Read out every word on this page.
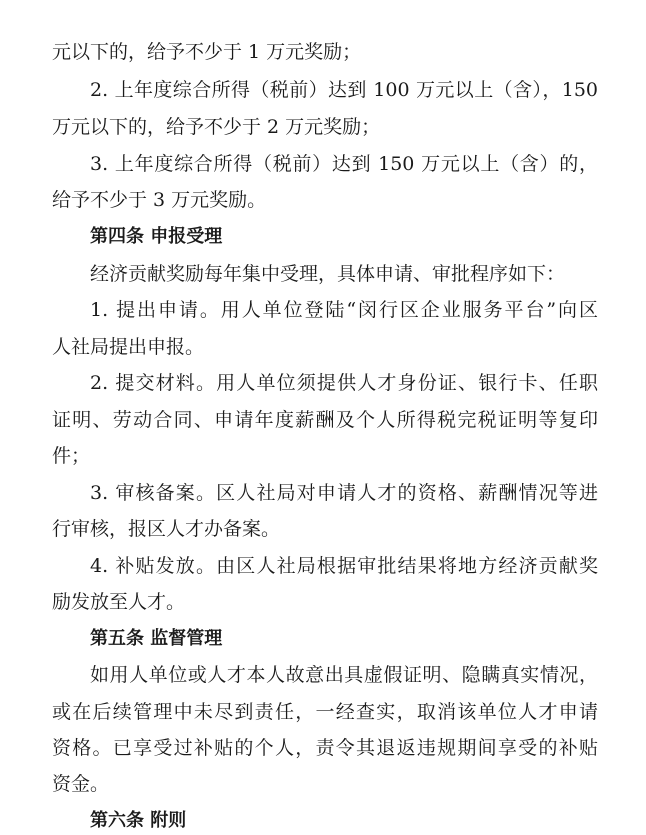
元以下的，给予不少于 1 万元奖励；
2. 上年度综合所得（税前）达到 100 万元以上（含），150
万元以下的，给予不少于 2 万元奖励；
3. 上年度综合所得（税前）达到 150 万元以上（含）的，
给予不少于 3 万元奖励。
第四条 申报受理
经济贡献奖励每年集中受理，具体申请、审批程序如下：
1. 提出申请。用人单位登陆“闵行区企业服务平台”向区
人社局提出申报。
2. 提交材料。用人单位须提供人才身份证、银行卡、任职
证明、劳动合同、申请年度薪酬及个人所得税完税证明等复印
件；
3. 审核备案。区人社局对申请人才的资格、薪酬情况等进
行审核，报区人才办备案。
4. 补贴发放。由区人社局根据审批结果将地方经济贡献奖
励发放至人才。
第五条 监督管理
如用人单位或人才本人故意出具虚假证明、隐瞒真实情况，
或在后续管理中未尽到责任，一经查实，取消该单位人才申请
资格。已享受过补贴的个人，责令其退返违规期间享受的补贴
资金。
第六条 附则
